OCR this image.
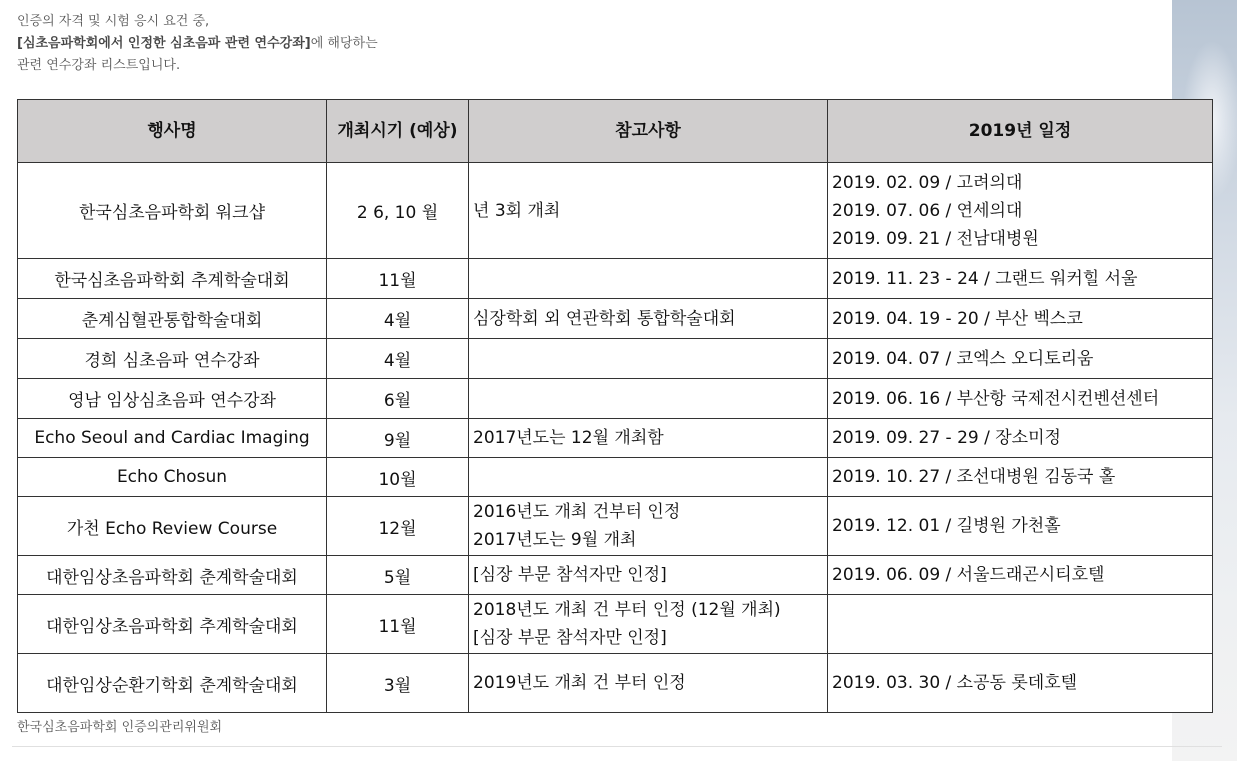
인증의 자격 및 시험 응시 요건 중,
[심초음파학회에서 인정한 심초음파 관련 연수강좌]에 해당하는
관련 연수강좌 리스트입니다.
행사명	개최시기 (예상)	참고사항	2019년 일정
한국심초음파학회 워크샵	2 6, 10 월	년 3회 개최	2019. 02. 09 / 고려의대
2019. 07. 06 / 연세의대
2019. 09. 21 / 전남대병원

한국심초음파학회 추계학술대회	11월		2019. 11. 23 - 24 / 그랜드 워커힐 서울

춘계심혈관통합학술대회	4월	심장학회 외 연관학회 통합학술대회	2019. 04. 19 - 20 / 부산 벡스코

경희 심초음파 연수강좌	4월		2019. 04. 07 / 코엑스 오디토리움

영남 임상심초음파 연수강좌	6월		2019. 06. 16 / 부산항 국제전시컨벤션센터

Echo Seoul and Cardiac Imaging	9월	2017년도는 12월 개최함	2019. 09. 27 - 29 / 장소미정

Echo Chosun	10월		2019. 10. 27 / 조선대병원 김동국 홀

가천 Echo Review Course	12월	2016년도 개최 건부터 인정
2017년도는 9월 개최	2019. 12. 01 / 길병원 가천홀

대한임상초음파학회 춘계학술대회	5월	[심장 부문 참석자만 인정]	2019. 06. 09 / 서울드래곤시티호텔

대한임상초음파학회 추계학술대회	11월	2018년도 개최 건 부터 인정 (12월 개최)
[심장 부문 참석자만 인정]	

대한임상순환기학회 춘계학술대회	3월	2019년도 개최 건 부터 인정	2019. 03. 30 / 소공동 롯데호텔
한국심초음파학회 인증의관리위원회
